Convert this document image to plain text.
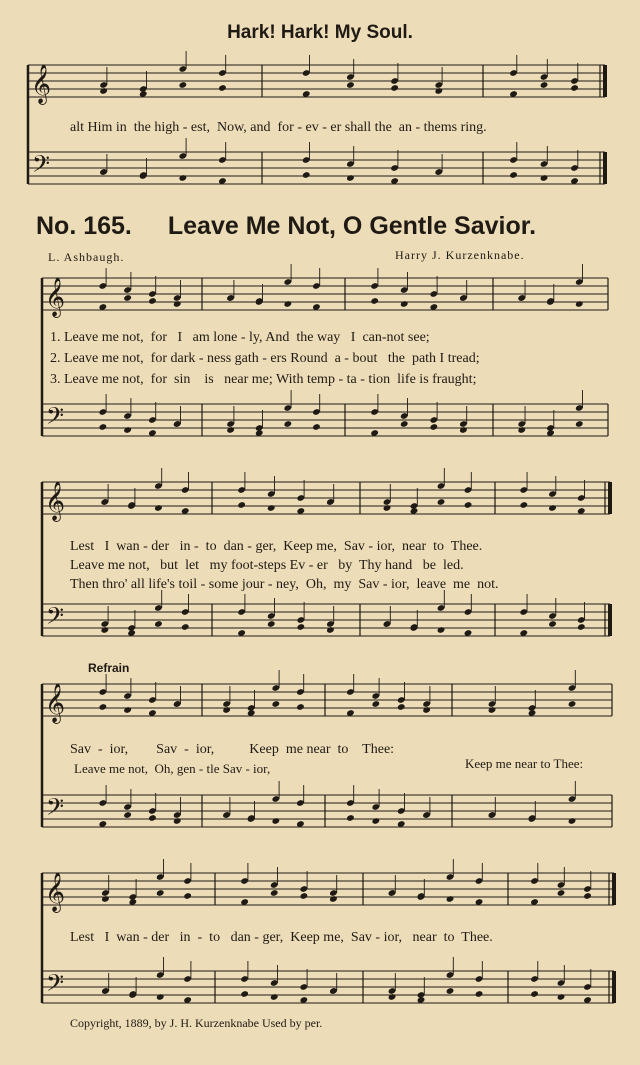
𝄞
𝄢
𝄞
𝄢
𝄞
𝄢
𝄞
𝄢
𝄞
𝄢
Hark! Hark! My Soul.
alt Him in  the high - est,  Now, and  for - ev - er shall the  an - thems ring.
No. 165. Leave Me Not, O Gentle Savior.
L. Ashbaugh.	Harry J. Kurzenknabe.
1. Leave me not,  for   I   am lone - ly, And  the way   I  can-not see;
2. Leave me not,  for dark - ness gath - ers Round  a - bout   the  path I tread;
3. Leave me not,  for  sin    is   near me; With temp - ta - tion  life is fraught;
Lest   I  wan - der   in -  to  dan - ger,  Keep me,  Sav - ior,  near  to  Thee.
Leave me not,   but  let   my foot-steps Ev - er   by  Thy hand   be  led.
Then thro' all life's toil - some jour - ney,  Oh,  my  Sav - ior,  leave  me  not.
Refrain
Sav  -  ior,        Sav  -  ior,          Keep  me near  to    Thee:
Leave me not,  Oh, gen - tle Sav - ior,	Keep me near to Thee:
Lest   I  wan - der   in  -  to   dan - ger,  Keep me,  Sav - ior,   near  to  Thee.
Copyright, 1889, by J. H. Kurzenknabe Used by per.
